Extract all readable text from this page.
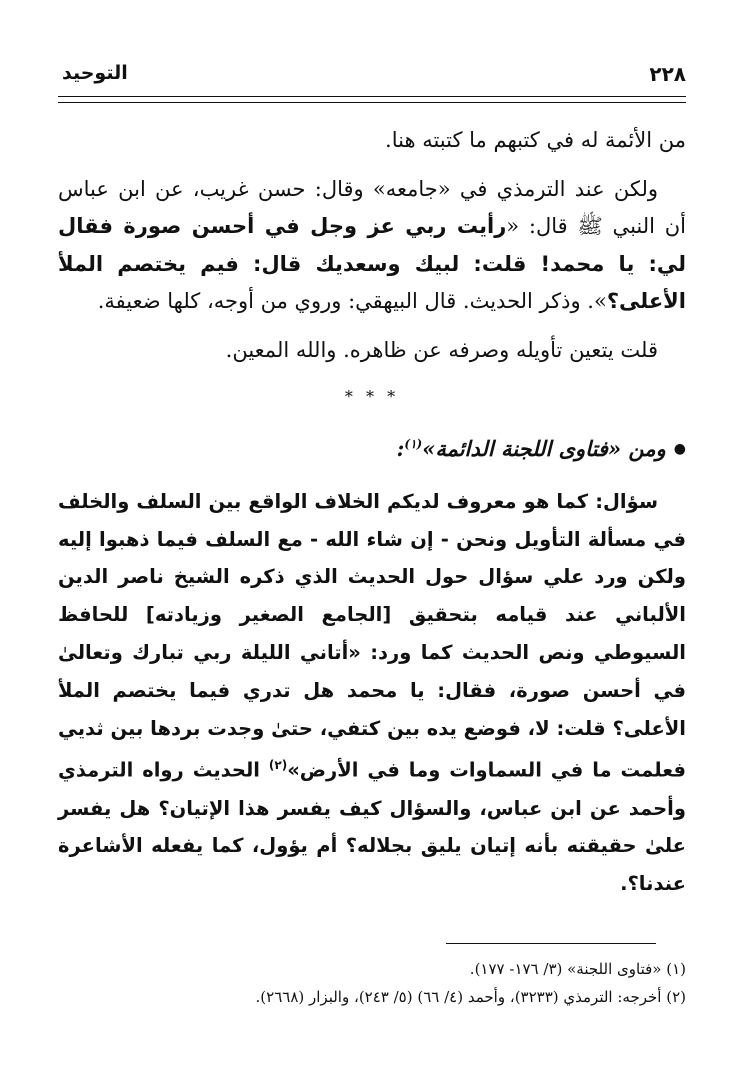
٢٢٨
التوحيد

من الأئمة له في كتبهم ما كتبته هنا.

ولكن عند الترمذي في «جامعه» وقال: حسن غريب، عن ابن عباس أن النبي ﷺ قال: «رأيت ربي عز وجل في أحسن صورة فقال لي: يا محمد! قلت: لبيك وسعديك قال: فيم يختصم الملأ الأعلى؟». وذكر الحديث. قال البيهقي: وروي من أوجه، كلها ضعيفة.

قلت يتعين تأويله وصرفه عن ظاهره. والله المعين.

* * *

●ومن «فتاوى اللجنة الدائمة»$^{(١)}$:

سؤال: كما هو معروف لديكم الخلاف الواقع بين السلف والخلف في مسألة التأويل ونحن - إن شاء الله - مع السلف فيما ذهبوا إليه ولكن ورد علي سؤال حول الحديث الذي ذكره الشيخ ناصر الدين الألباني عند قيامه بتحقيق [الجامع الصغير وزيادته] للحافظ السيوطي ونص الحديث كما ورد: «أتاني الليلة ربي تبارك وتعالىٰ في أحسن صورة، فقال: يا محمد هل تدري فيما يختصم الملأ الأعلى؟ قلت: لا، فوضع يده بين كتفي، حتىٰ وجدت بردها بين ثديي فعلمت ما في السماوات وما في الأرض»$^{(٢)}$ الحديث رواه الترمذي وأحمد عن ابن عباس، والسؤال كيف يفسر هذا الإتيان؟ هل يفسر علىٰ حقيقته بأنه إتيان يليق بجلاله؟ أم يؤول، كما يفعله الأشاعرة عندنا؟.

(١) «فتاوى اللجنة» (٣/ ١٧٦- ١٧٧).

(٢) أخرجه: الترمذي (٣٢٣٣)، وأحمد (٤/ ٦٦) (٥/ ٢٤٣)، والبزار (٢٦٦٨).
